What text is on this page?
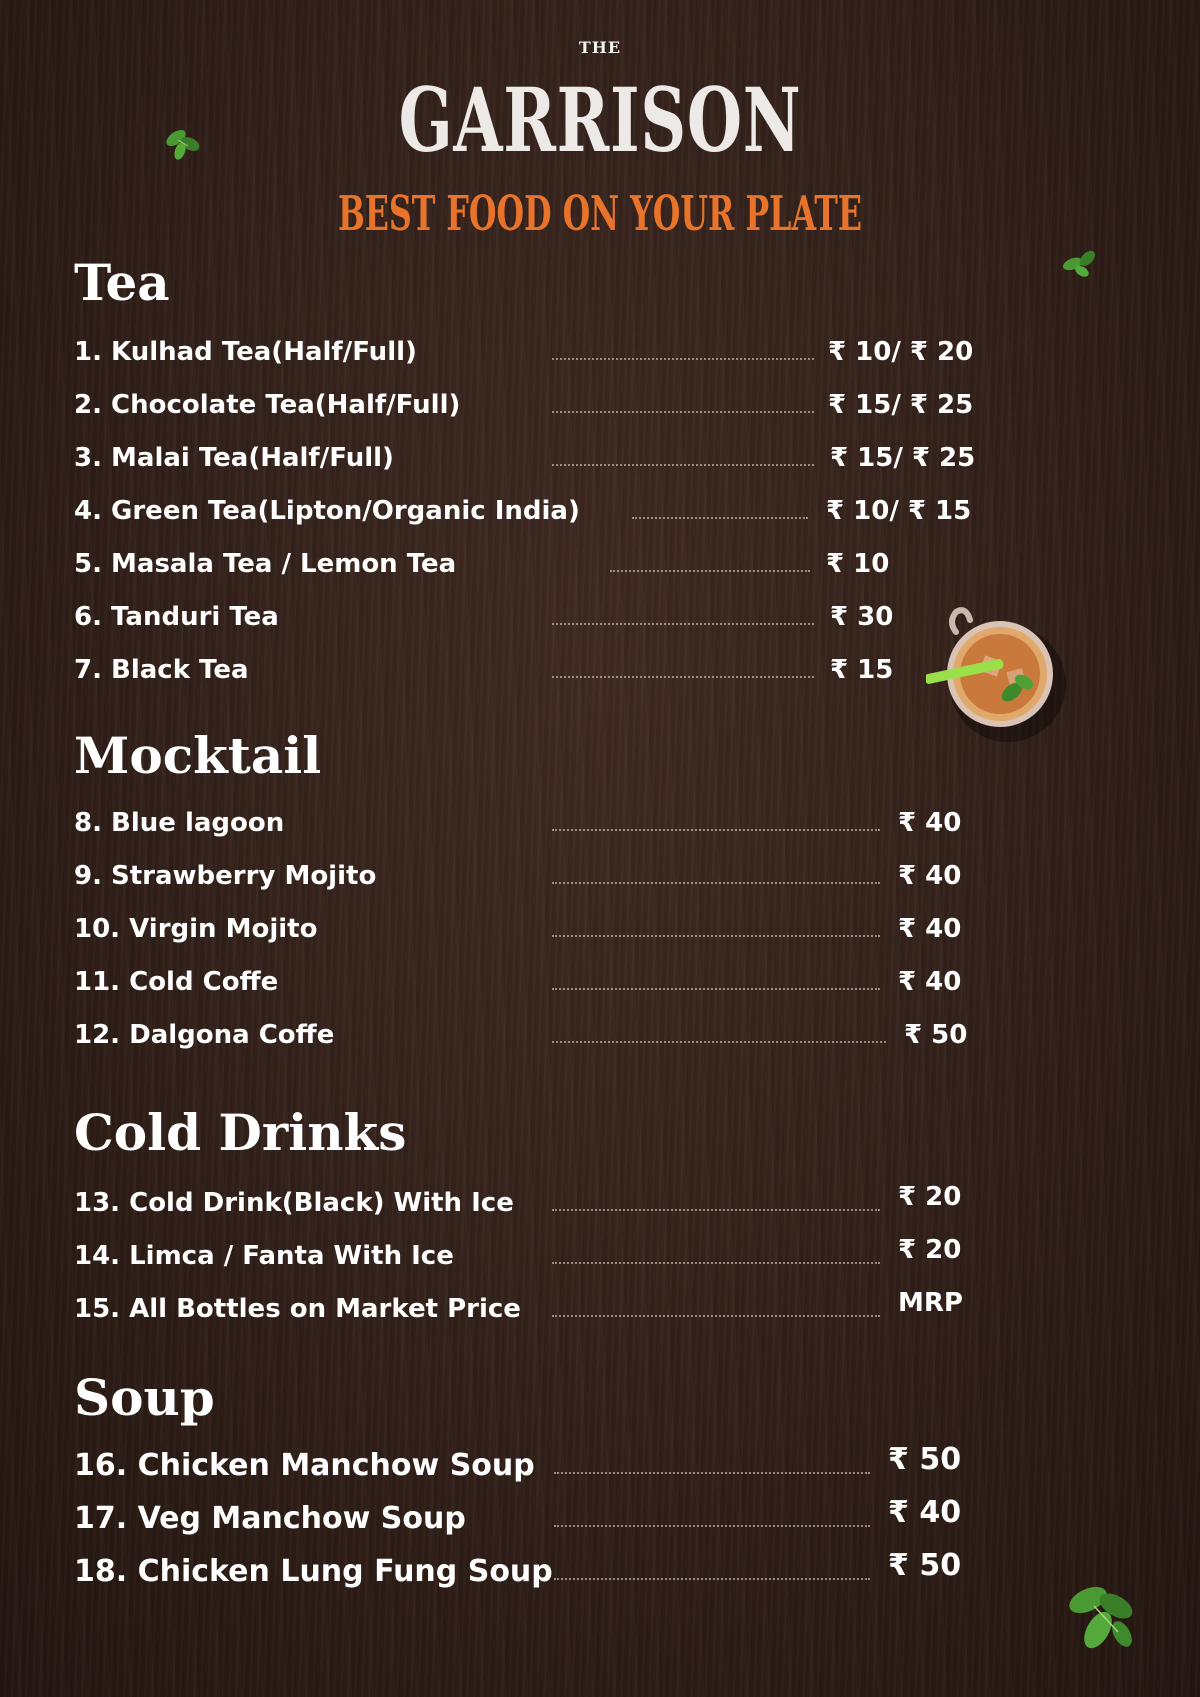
THE
GARRISON
BEST FOOD ON YOUR PLATE
Tea
1. Kulhad Tea(Half/Full)	₹ 10/ ₹ 20
2. Chocolate Tea(Half/Full)	₹ 15/ ₹ 25
3. Malai Tea(Half/Full)	₹ 15/ ₹ 25
4. Green Tea(Lipton/Organic India)	₹ 10/ ₹ 15
5. Masala Tea / Lemon Tea	₹ 10
6. Tanduri Tea	₹ 30
7. Black Tea	₹ 15
Mocktail
8. Blue lagoon	₹ 40
9. Strawberry Mojito	₹ 40
10. Virgin Mojito	₹ 40
11. Cold Coffe	₹ 40
12. Dalgona Coffe	₹ 50
Cold Drinks
13. Cold Drink(Black) With Ice	₹ 20
14. Limca / Fanta With Ice	₹ 20
15. All Bottles on Market Price	MRP
Soup
16. Chicken Manchow Soup	₹ 50
17. Veg Manchow Soup	₹ 40
18. Chicken Lung Fung Soup	₹ 50
